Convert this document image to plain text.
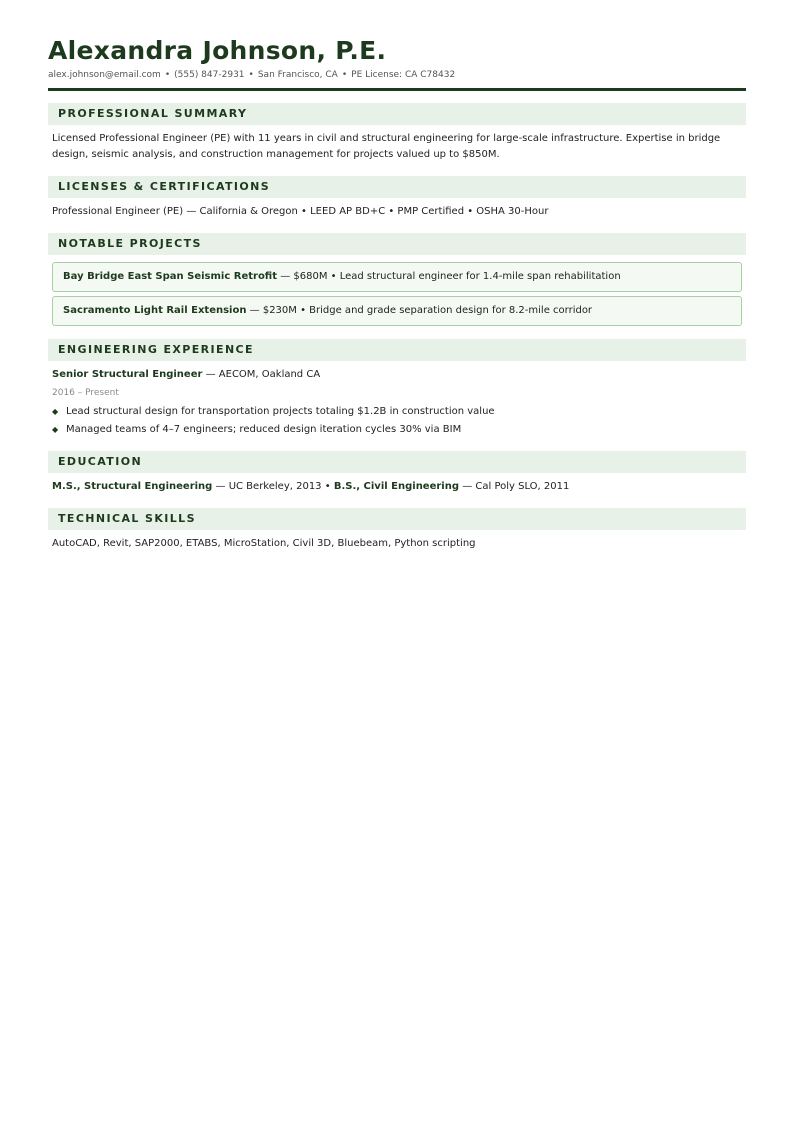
Alexandra Johnson, P.E.
alex.johnson@email.com • (555) 847-2931 • San Francisco, CA • PE License: CA C78432
PROFESSIONAL SUMMARY
Licensed Professional Engineer (PE) with 11 years in civil and structural engineering for large-scale infrastructure. Expertise in bridge design, seismic analysis, and construction management for projects valued up to $850M.
LICENSES & CERTIFICATIONS
Professional Engineer (PE) — California & Oregon • LEED AP BD+C • PMP Certified • OSHA 30-Hour
NOTABLE PROJECTS
Bay Bridge East Span Seismic Retrofit — $680M • Lead structural engineer for 1.4-mile span rehabilitation
Sacramento Light Rail Extension — $230M • Bridge and grade separation design for 8.2-mile corridor
ENGINEERING EXPERIENCE
Senior Structural Engineer — AECOM, Oakland CA
2016 – Present
◆ Lead structural design for transportation projects totaling $1.2B in construction value
◆ Managed teams of 4–7 engineers; reduced design iteration cycles 30% via BIM
EDUCATION
M.S., Structural Engineering — UC Berkeley, 2013 • B.S., Civil Engineering — Cal Poly SLO, 2011
TECHNICAL SKILLS
AutoCAD, Revit, SAP2000, ETABS, MicroStation, Civil 3D, Bluebeam, Python scripting
